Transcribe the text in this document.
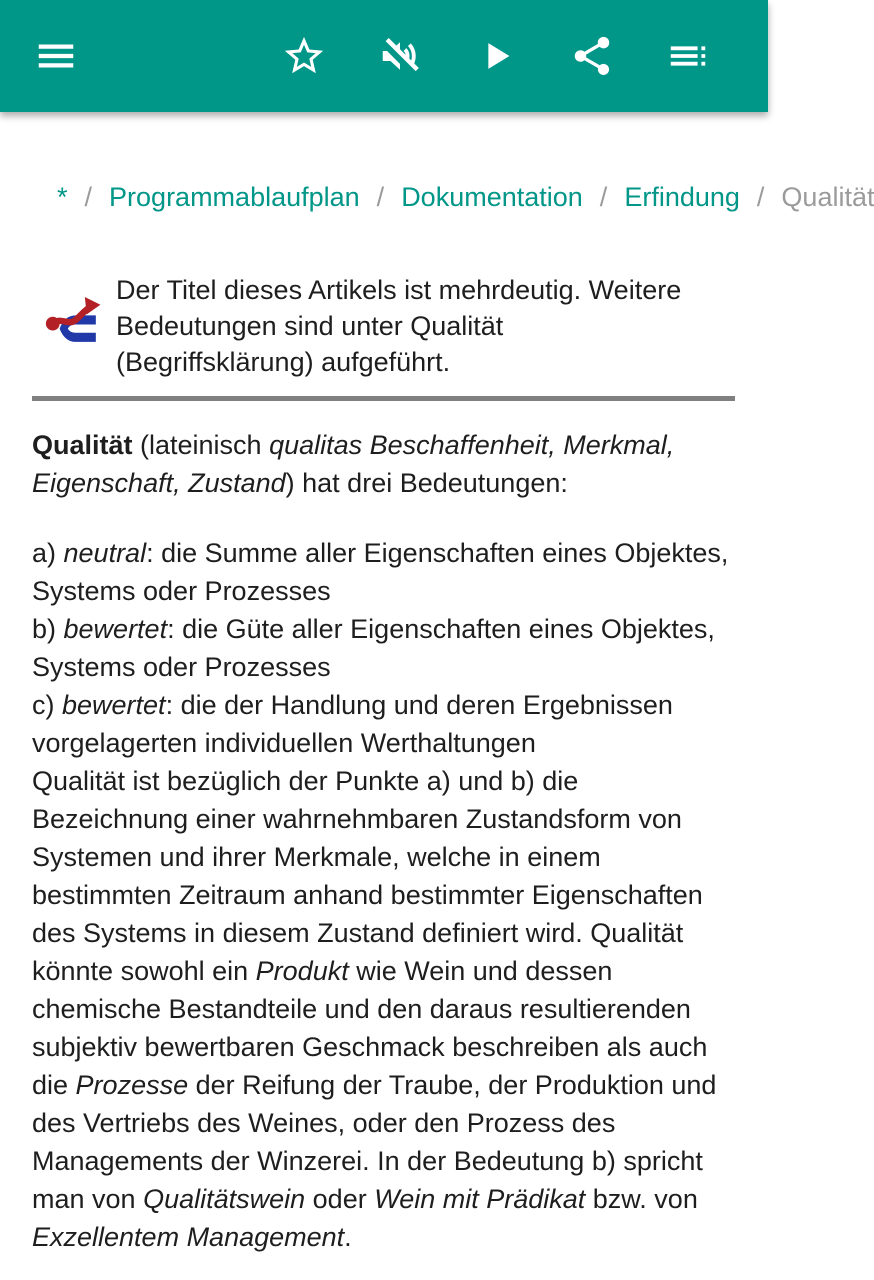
* / Programmablaufplan / Dokumentation / Erfindung / Qualität
Der Titel dieses Artikels ist mehrdeutig. Weitere Bedeutungen sind unter Qualität (Begriffsklärung) aufgeführt.

Qualität (lateinisch qualitas Beschaffenheit, Merkmal, Eigenschaft, Zustand) hat drei Bedeutungen:

a) neutral: die Summe aller Eigenschaften eines Objektes, Systems oder Prozesses
b) bewertet: die Güte aller Eigenschaften eines Objektes, Systems oder Prozesses
c) bewertet: die der Handlung und deren Ergebnissen vorgelagerten individuellen Werthaltungen
Qualität ist bezüglich der Punkte a) und b) die Bezeichnung einer wahrnehmbaren Zustandsform von Systemen und ihrer Merkmale, welche in einem bestimmten Zeitraum anhand bestimmter Eigenschaften des Systems in diesem Zustand definiert wird. Qualität könnte sowohl ein Produkt wie Wein und dessen chemische Bestandteile und den daraus resultierenden subjektiv bewertbaren Geschmack beschreiben als auch die Prozesse der Reifung der Traube, der Produktion und des Vertriebs des Weines, oder den Prozess des Managements der Winzerei. In der Bedeutung b) spricht man von Qualitätswein oder Wein mit Prädikat bzw. von Exzellentem Management.
